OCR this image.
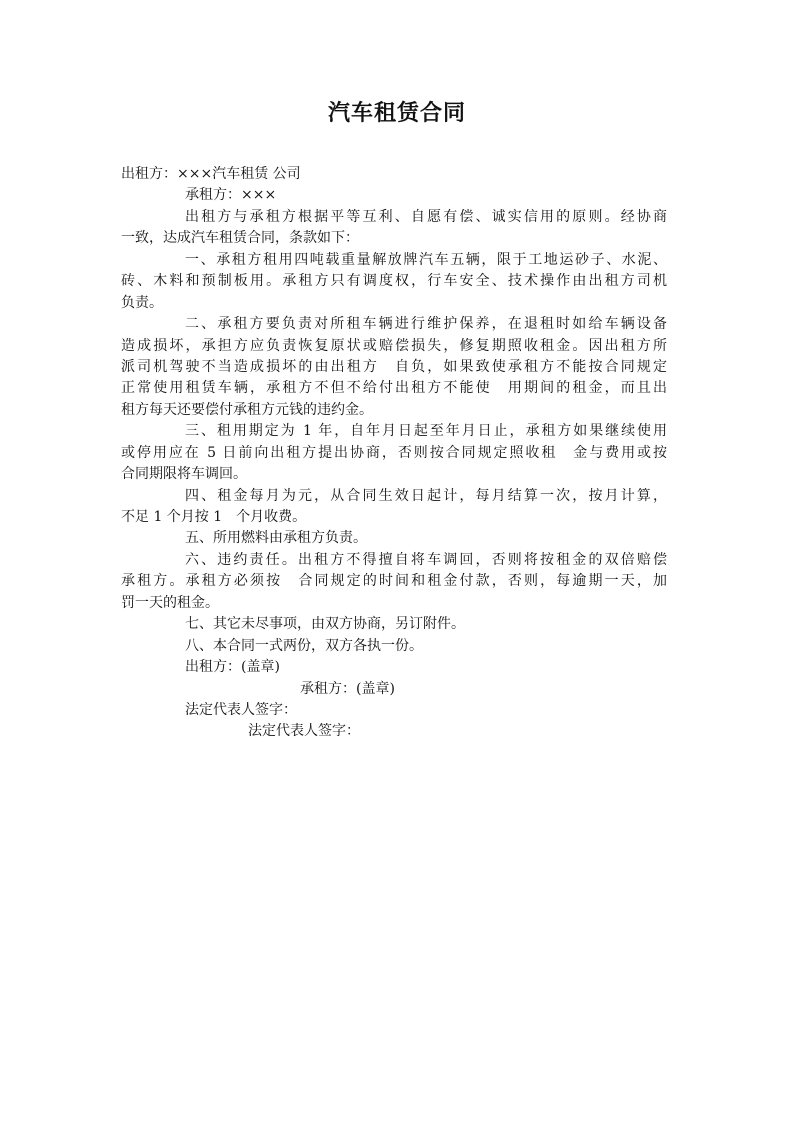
汽车租赁合同
出租方：×××汽车租赁 公司
承租方：×××
出租方与承租方根据平等互利、自愿有偿、诚实信用的原则。经协商
一致，达成汽车租赁合同，条款如下：
一、承租方租用四吨载重量解放牌汽车五辆，限于工地运砂子、水泥、
砖、木料和预制板用。承租方只有调度权，行车安全、技术操作由出租方司机
负责。
二、承租方要负责对所租车辆进行维护保养，在退租时如给车辆设备
造成损坏，承担方应负责恢复原状或赔偿损失，修复期照收租金。因出租方所
派司机驾驶不当造成损坏的由出租方　自负，如果致使承租方不能按合同规定
正常使用租赁车辆，承租方不但不给付出租方不能使　用期间的租金，而且出
租方每天还要偿付承租方元钱的违约金。
三、租用期定为 1 年，自年月日起至年月日止，承租方如果继续使用
或停用应在 5 日前向出租方提出协商，否则按合同规定照收租　金与费用或按
合同期限将车调回。
四、租金每月为元，从合同生效日起计，每月结算一次，按月计算，
不足 1 个月按 1　个月收费。
五、所用燃料由承租方负责。
六、违约责任。出租方不得擅自将车调回，否则将按租金的双倍赔偿
承租方。承租方必须按　合同规定的时间和租金付款，否则，每逾期一天，加
罚一天的租金。
七、其它未尽事项，由双方协商，另订附件。
八、本合同一式两份，双方各执一份。
出租方：(盖章)
承租方：(盖章)
法定代表人签字：
法定代表人签字：
